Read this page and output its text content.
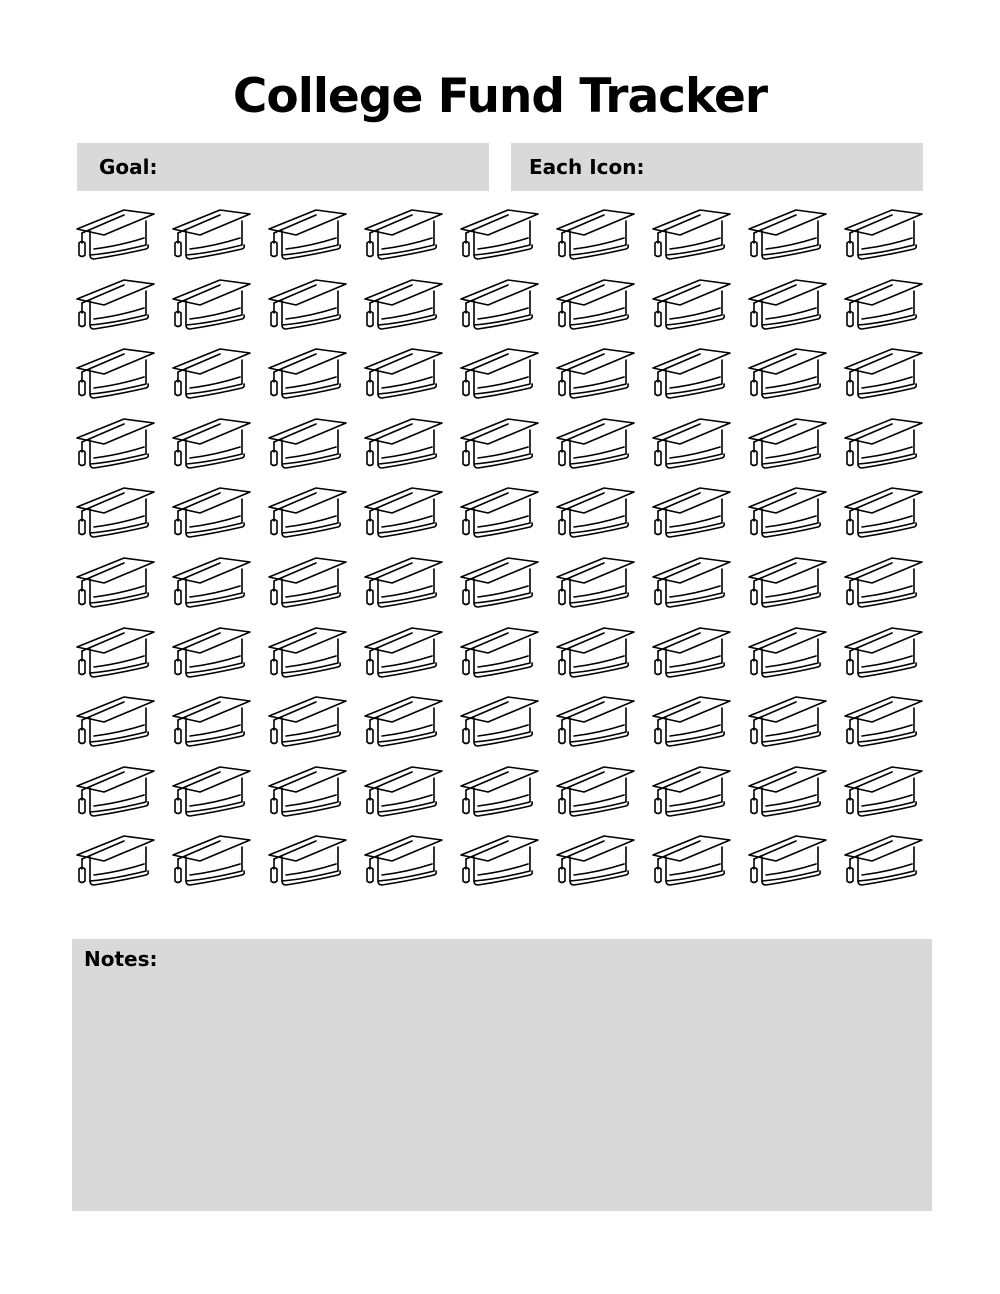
College Fund Tracker
Goal:	Each Icon:
Notes:
